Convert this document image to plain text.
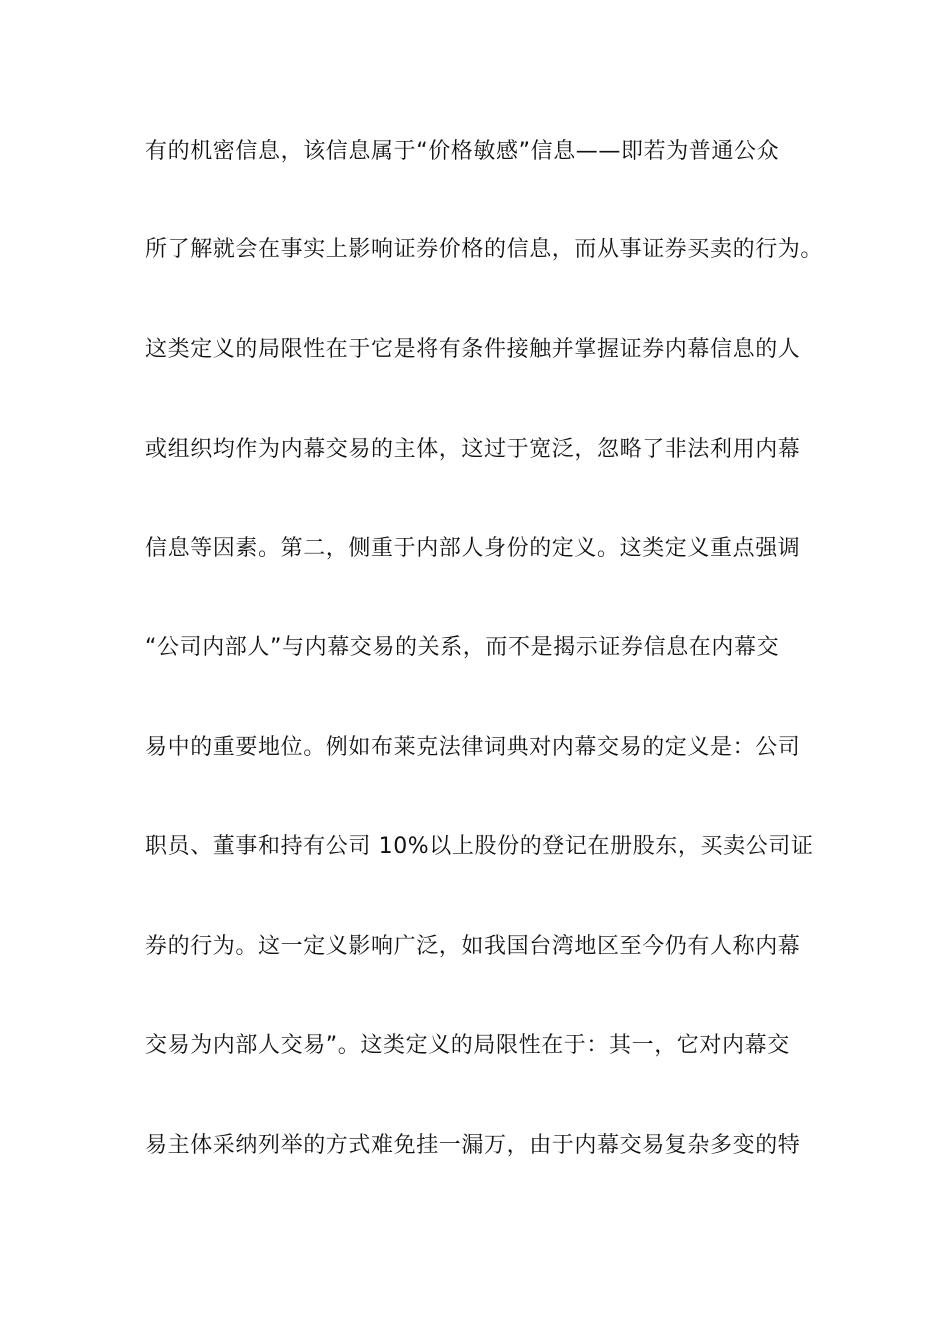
有的机密信息，该信息属于“价格敏感”信息——即若为普通公众
所了解就会在事实上影响证券价格的信息，而从事证券买卖的行为。
这类定义的局限性在于它是将有条件接触并掌握证券内幕信息的人
或组织均作为内幕交易的主体，这过于宽泛，忽略了非法利用内幕
信息等因素。第二，侧重于内部人身份的定义。这类定义重点强调
“公司内部人”与内幕交易的关系，而不是揭示证券信息在内幕交
易中的重要地位。例如布莱克法律词典对内幕交易的定义是：公司
职员、董事和持有公司 10%以上股份的登记在册股东，买卖公司证
券的行为。这一定义影响广泛，如我国台湾地区至今仍有人称内幕
交易为内部人交易”。这类定义的局限性在于：其一，它对内幕交
易主体采纳列举的方式难免挂一漏万，由于内幕交易复杂多变的特
